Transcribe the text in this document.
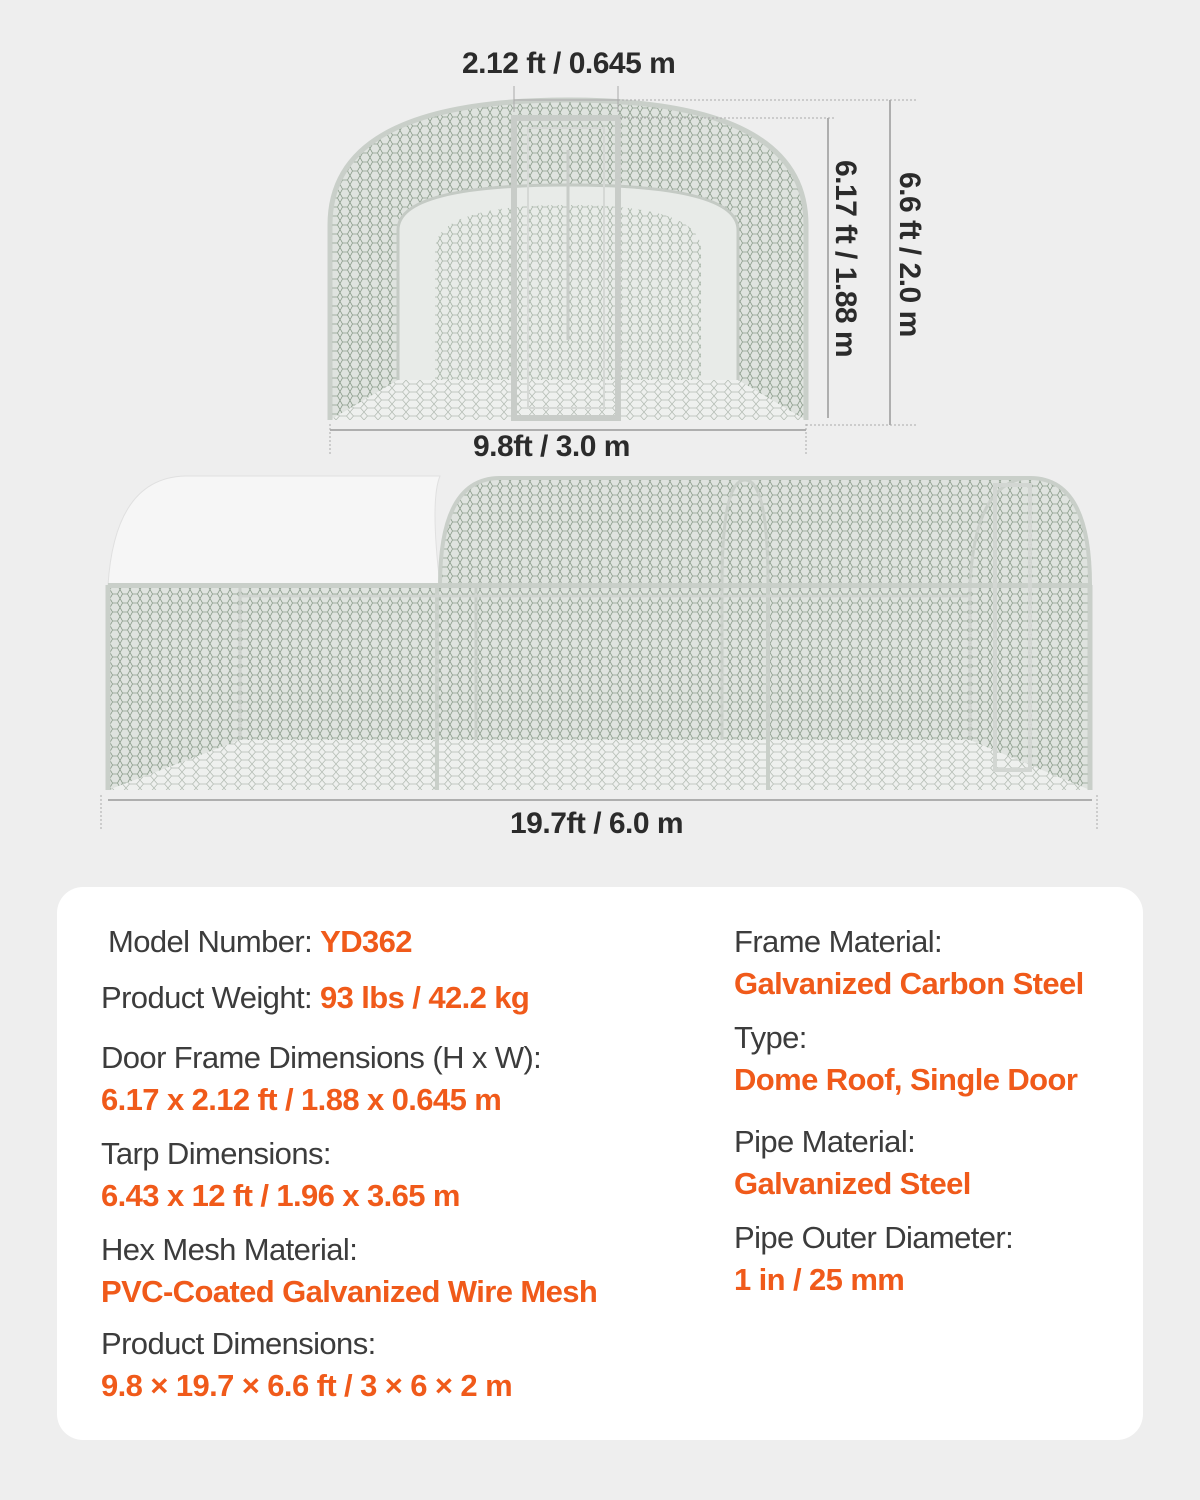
2.12 ft / 0.645 m
9.8ft / 3.0 m
19.7ft / 6.0 m
6.17 ft / 1.88 m 6.6 ft / 2.0 m
Model Number: YD362
Product Weight: 93 lbs / 42.2 kg
Door Frame Dimensions (H x W):
6.17 x 2.12 ft / 1.88 x 0.645 m
Tarp Dimensions:
6.43 x 12 ft / 1.96 x 3.65 m
Hex Mesh Material:
PVC-Coated Galvanized Wire Mesh
Product Dimensions:
9.8 × 19.7 × 6.6 ft / 3 × 6 × 2 m
Frame Material:
Galvanized Carbon Steel
Type:
Dome Roof, Single Door
Pipe Material:
Galvanized Steel
Pipe Outer Diameter:
1 in / 25 mm
